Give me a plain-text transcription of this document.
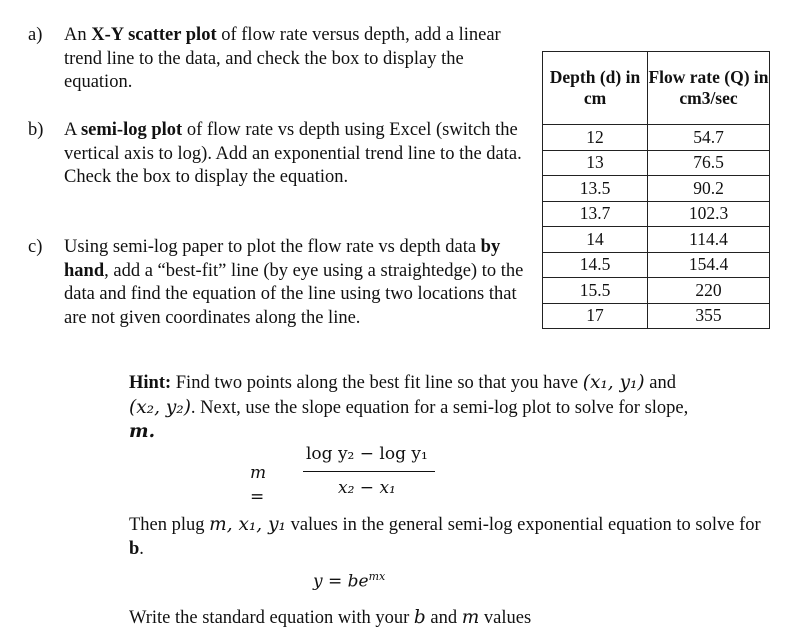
a) An X-Y scatter plot of flow rate versus depth, add a linear trend line to the data, and check the box to display the equation.
b) A semi-log plot of flow rate vs depth using Excel (switch the vertical axis to log). Add an exponential trend line to the data. Check the box to display the equation.
c) Using semi-log paper to plot the flow rate vs depth data by hand, add a “best-fit” line (by eye using a straightedge) to the data and find the equation of the line using two locations that are not given coordinates along the line.
Depth (d) in cm	Flow rate (Q) in cm3/sec
12	54.7
13	76.5
13.5	90.2
13.7	102.3
14	114.4
14.5	154.4
15.5	220
17	355
Hint: Find two points along the best fit line so that you have (x₁, y₁) and
(x₂, y₂). Next, use the slope equation for a semi-log plot to solve for slope,
m.
m =
log y₂ − log y₁
x₂ − x₁
Then plug m, x₁, y₁ values in the general semi-log exponential equation to solve for b.
$y = be^{mx}$
Write the standard equation with your b and m values
